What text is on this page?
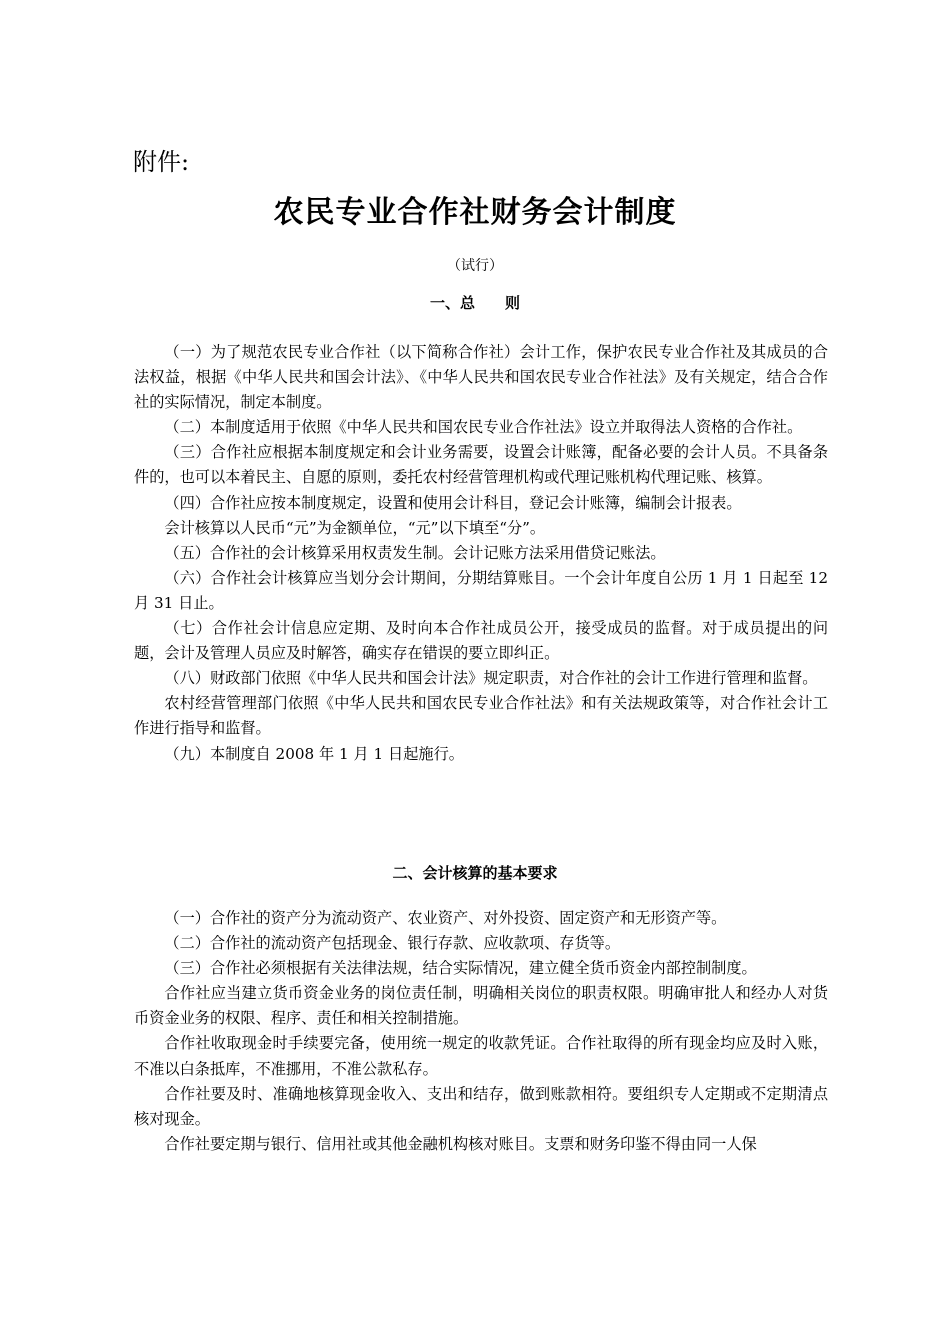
附件:
农民专业合作社财务会计制度
（试行）
一、总　　则

（一）为了规范农民专业合作社（以下简称合作社）会计工作，保护农民专业合作社及其成员的合法权益，根据《中华人民共和国会计法》、《中华人民共和国农民专业合作社法》及有关规定，结合合作社的实际情况，制定本制度。

（二）本制度适用于依照《中华人民共和国农民专业合作社法》设立并取得法人资格的合作社。

（三）合作社应根据本制度规定和会计业务需要，设置会计账簿，配备必要的会计人员。不具备条件的，也可以本着民主、自愿的原则，委托农村经营管理机构或代理记账机构代理记账、核算。

（四）合作社应按本制度规定，设置和使用会计科目，登记会计账簿，编制会计报表。

会计核算以人民币“元”为金额单位，“元”以下填至“分”。

（五）合作社的会计核算采用权责发生制。会计记账方法采用借贷记账法。

（六）合作社会计核算应当划分会计期间，分期结算账目。一个会计年度自公历 1 月 1 日起至 12 月 31 日止。

（七）合作社会计信息应定期、及时向本合作社成员公开，接受成员的监督。对于成员提出的问题，会计及管理人员应及时解答，确实存在错误的要立即纠正。

（八）财政部门依照《中华人民共和国会计法》规定职责，对合作社的会计工作进行管理和监督。

农村经营管理部门依照《中华人民共和国农民专业合作社法》和有关法规政策等，对合作社会计工作进行指导和监督。

（九）本制度自 2008 年 1 月 1 日起施行。

二、会计核算的基本要求

（一）合作社的资产分为流动资产、农业资产、对外投资、固定资产和无形资产等。

（二）合作社的流动资产包括现金、银行存款、应收款项、存货等。

（三）合作社必须根据有关法律法规，结合实际情况，建立健全货币资金内部控制制度。

合作社应当建立货币资金业务的岗位责任制，明确相关岗位的职责权限。明确审批人和经办人对货币资金业务的权限、程序、责任和相关控制措施。

合作社收取现金时手续要完备，使用统一规定的收款凭证。合作社取得的所有现金均应及时入账，不准以白条抵库，不准挪用，不准公款私存。

合作社要及时、准确地核算现金收入、支出和结存，做到账款相符。要组织专人定期或不定期清点核对现金。

合作社要定期与银行、信用社或其他金融机构核对账目。支票和财务印鉴不得由同一人保
